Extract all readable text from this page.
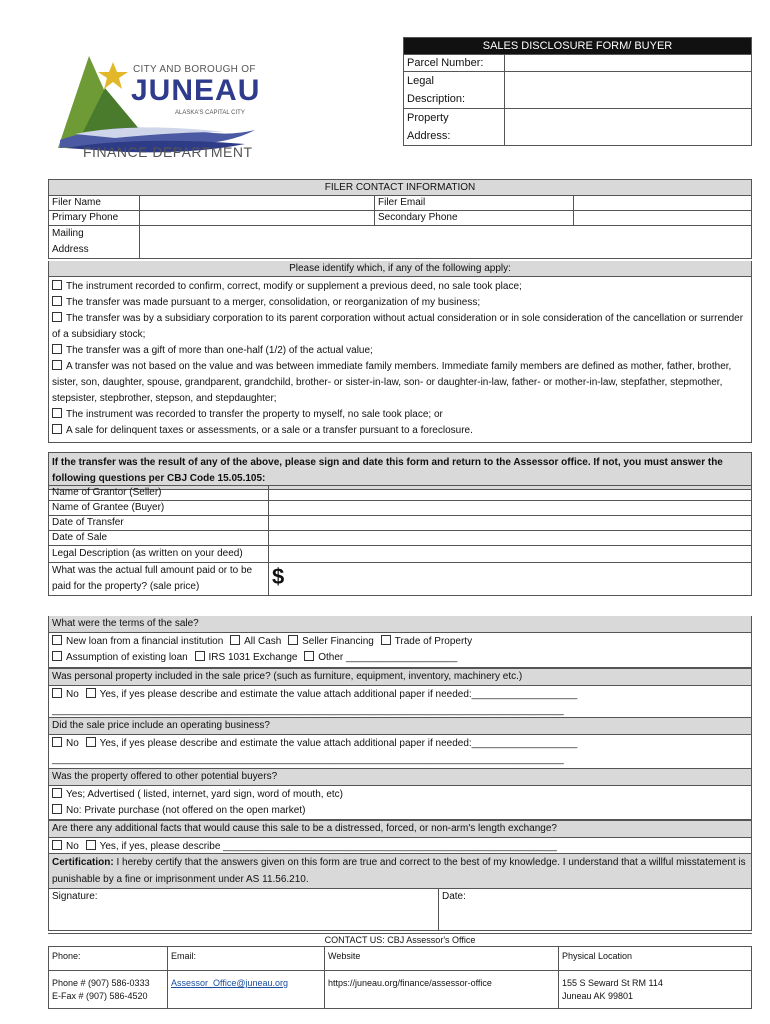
CITY AND BOROUGH OF
JUNEAU
ALASKA'S CAPITAL CITY
FINANCE DEPARTMENT
SALES DISCLOSURE FORM/ BUYER	
Parcel Number:	
Legal
Description:	
Property
Address:	
FILER CONTACT INFORMATION			
Filer Name		Filer Email	
Primary Phone		Secondary Phone	
Mailing
Address			
Please identify which, if any of the following apply:
The instrument recorded to confirm, correct, modify or supplement a previous deed, no sale took place;
The transfer was made pursuant to a merger, consolidation, or reorganization of my business;
The transfer was by a subsidiary corporation to its parent corporation without actual consideration or in sole consideration of the cancellation or surrender of a subsidiary stock;
The transfer was a gift of more than one-half (1/2) of the actual value;
A transfer was not based on the value and was between immediate family members. Immediate family members are defined as mother, father, brother, sister, son, daughter, spouse, grandparent, grandchild, brother- or sister-in-law, son- or daughter-in-law, father- or mother-in-law, stepfather, stepmother, stepsister, stepbrother, stepson, and stepdaughter;
The instrument was recorded to transfer the property to myself, no sale took place; or
A sale for delinquent taxes or assessments, or a sale or a transfer pursuant to a foreclosure.
If the transfer was the result of any of the above, please sign and date this form and return to the Assessor office. If not, you must answer the following questions per CBJ Code 15.05.105:
Name of Grantor (Seller)	
Name of Grantee (Buyer)	
Date of Transfer	
Date of Sale	
Legal Description (as written on your deed)	
What was the actual full amount paid or to be paid for the property? (sale price)	$
What were the terms of the sale?
New loan from a financial institution All Cash Seller Financing Trade of Property
Assumption of existing loan IRS 1031 Exchange Other ____________________
Was personal property included in the sale price? (such as furniture, equipment, inventory, machinery etc.)
No Yes, if yes please describe and estimate the value attach additional paper if needed:___________________
____________________________________________________________________________________________
Did the sale price include an operating business?
No Yes, if yes please describe and estimate the value attach additional paper if needed:___________________
____________________________________________________________________________________________
Was the property offered to other potential buyers?
Yes; Advertised ( listed, internet, yard sign, word of mouth, etc)
No: Private purchase (not offered on the open market)
Are there any additional facts that would cause this sale to be a distressed, forced, or non-arm's length exchange?
No Yes, if yes, please describe ____________________________________________________________
Certification: I hereby certify that the answers given on this form are true and correct to the best of my knowledge. I understand that a willful misstatement is punishable by a fine or imprisonment under AS 11.56.210.
Signature:	Date:
CONTACT US: CBJ Assessor's Office
Phone:	Email:	Website	Physical Location
Phone # (907) 586-0333
E-Fax # (907) 586-4520	Assessor_Office@juneau.org	https://juneau.org/finance/assessor-office	155 S Seward St RM 114
Juneau AK 99801
